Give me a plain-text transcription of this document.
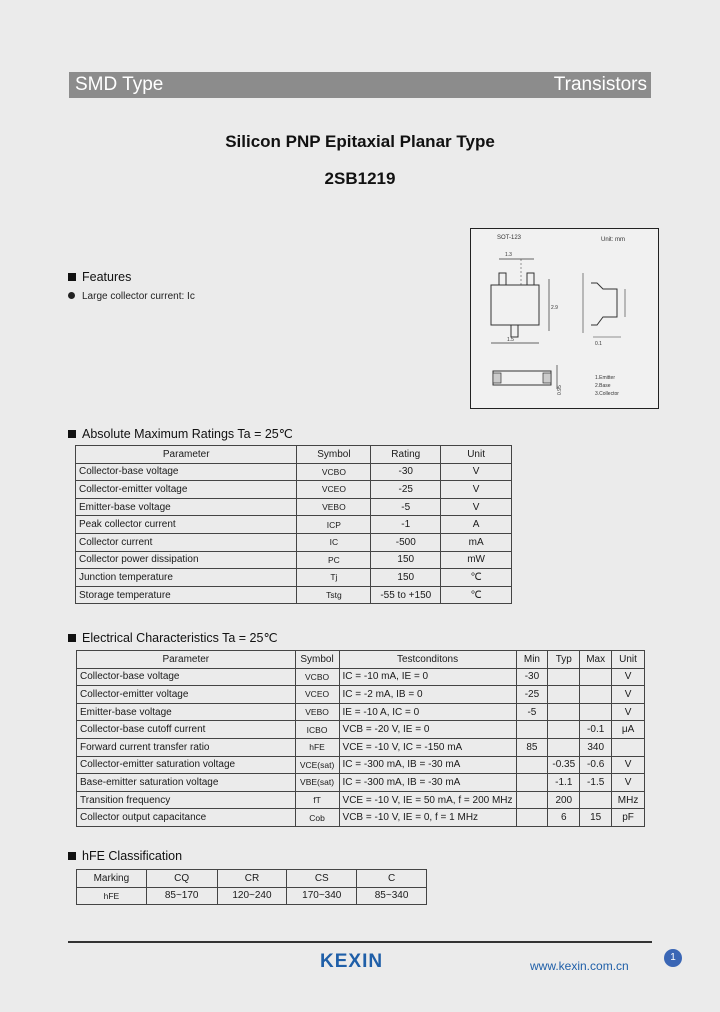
SMD Type	Transistors
Silicon PNP Epitaxial Planar Type
2SB1219
SOT-123	Unit: mm
1.3
2.9
1.5
0.95
0.1
1.Emitter
2.Base
3.Collector
Features
Large collector current: Ic
Absolute Maximum Ratings Ta = 25℃
Parameter	Symbol	Rating	Unit
Collector-base voltage	VCBO	-30	V
Collector-emitter voltage	VCEO	-25	V
Emitter-base voltage	VEBO	-5	V
Peak collector current	ICP	-1	A
Collector current	IC	-500	mA
Collector power dissipation	PC	150	mW
Junction temperature	Tj	150	℃
Storage temperature	Tstg	-55 to +150	℃
Electrical Characteristics Ta = 25℃
Parameter	Symbol	Testconditons	Min	Typ	Max	Unit
Collector-base voltage	VCBO	IC = -10 mA, IE = 0	-30			V
Collector-emitter voltage	VCEO	IC = -2 mA, IB = 0	-25			V
Emitter-base voltage	VEBO	IE = -10 A, IC = 0	-5			V
Collector-base cutoff current	ICBO	VCB = -20 V, IE = 0			-0.1	μA
Forward current transfer ratio	hFE	VCE = -10 V, IC = -150 mA	85		340	
Collector-emitter saturation voltage	VCE(sat)	IC = -300 mA, IB = -30 mA		-0.35	-0.6	V
Base-emitter saturation voltage	VBE(sat)	IC = -300 mA, IB = -30 mA		-1.1	-1.5	V
Transition frequency	fT	VCE = -10 V, IE = 50 mA, f = 200 MHz		200		MHz
Collector output capacitance	Cob	VCB = -10 V, IE = 0, f = 1 MHz		6	15	pF
hFE Classification
Marking	CQ	CR	CS	C
hFE	85~170	120~240	170~340	85~340
KEXIN	www.kexin.com.cn
1
